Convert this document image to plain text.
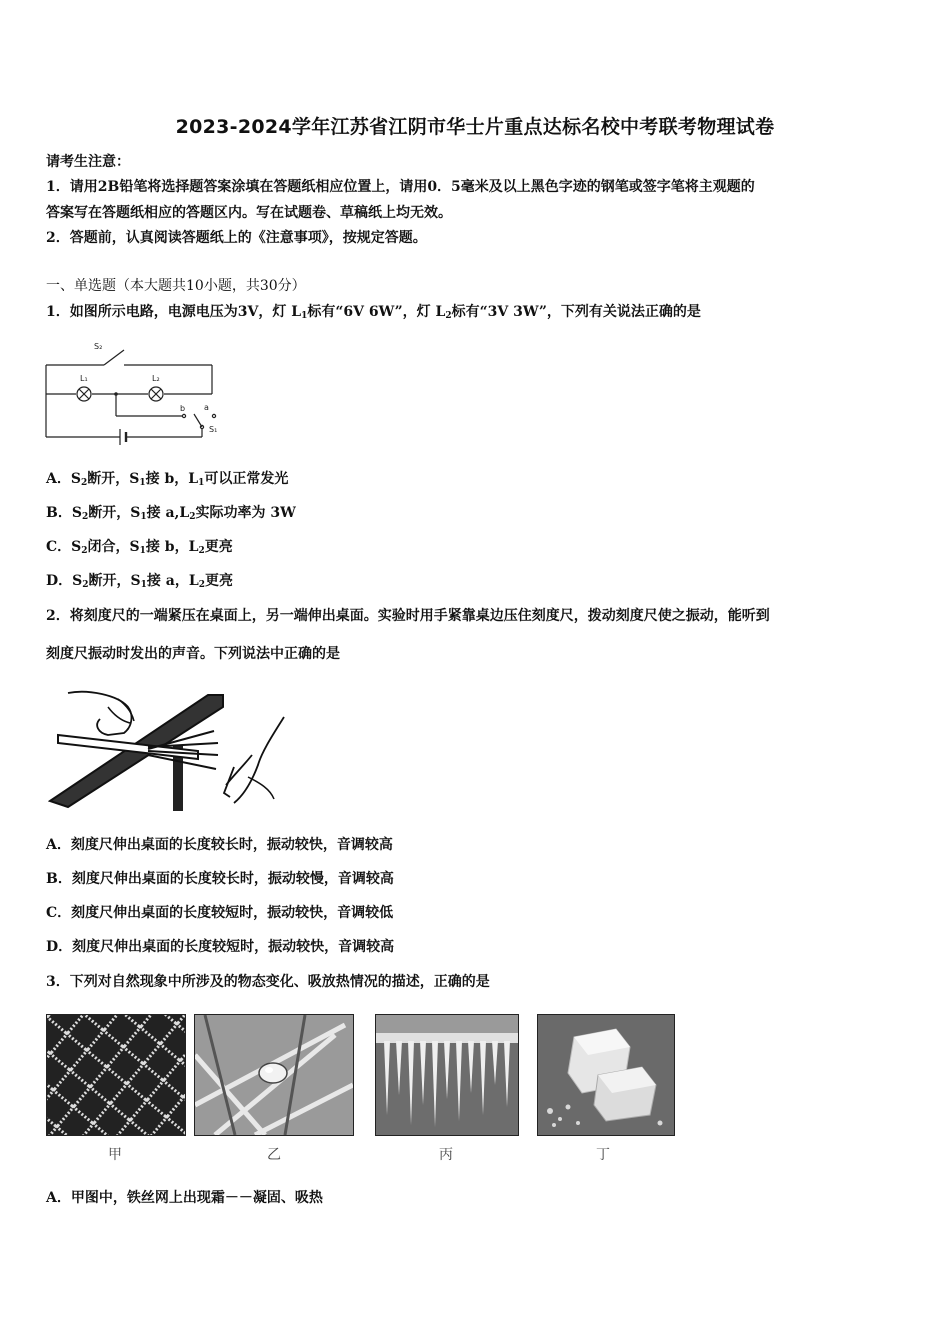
2023-2024学年江苏省江阴市华士片重点达标名校中考联考物理试卷
请考生注意：
1．请用2B铅笔将选择题答案涂填在答题纸相应位置上，请用0．5毫米及以上黑色字迹的钢笔或签字笔将主观题的
答案写在答题纸相应的答题区内。写在试题卷、草稿纸上均无效。
2．答题前，认真阅读答题纸上的《注意事项》，按规定答题。
一、单选题（本大题共10小题，共30分）
1．如图所示电路，电源电压为3V，灯 $L_1$标有“6V 6W”，灯 $L_2$标有“3V 3W”，下列有关说法正确的是
S₂
L₁	L₂
b a
S₁
A．$S_2$断开，$S_1$接 b，$L_1$可以正常发光
B．$S_2$断开，$S_1$接 $a,L_2$实际功率为 3W
C．$S_2$闭合，$S_1$接 b，$L_2$更亮
D．$S_2$断开，$S_1$接 a，$L_2$更亮
2．将刻度尺的一端紧压在桌面上，另一端伸出桌面。实验时用手紧靠桌边压住刻度尺，拨动刻度尺使之振动，能听到
刻度尺振动时发出的声音。下列说法中正确的是
A．刻度尺伸出桌面的长度较长时，振动较快，音调较高
B．刻度尺伸出桌面的长度较长时，振动较慢，音调较高
C．刻度尺伸出桌面的长度较短时，振动较快，音调较低
D．刻度尺伸出桌面的长度较短时，振动较快，音调较高
3．下列对自然现象中所涉及的物态变化、吸放热情况的描述，正确的是
甲	乙	丙	丁
A．甲图中，铁丝网上出现霜－－凝固、吸热
